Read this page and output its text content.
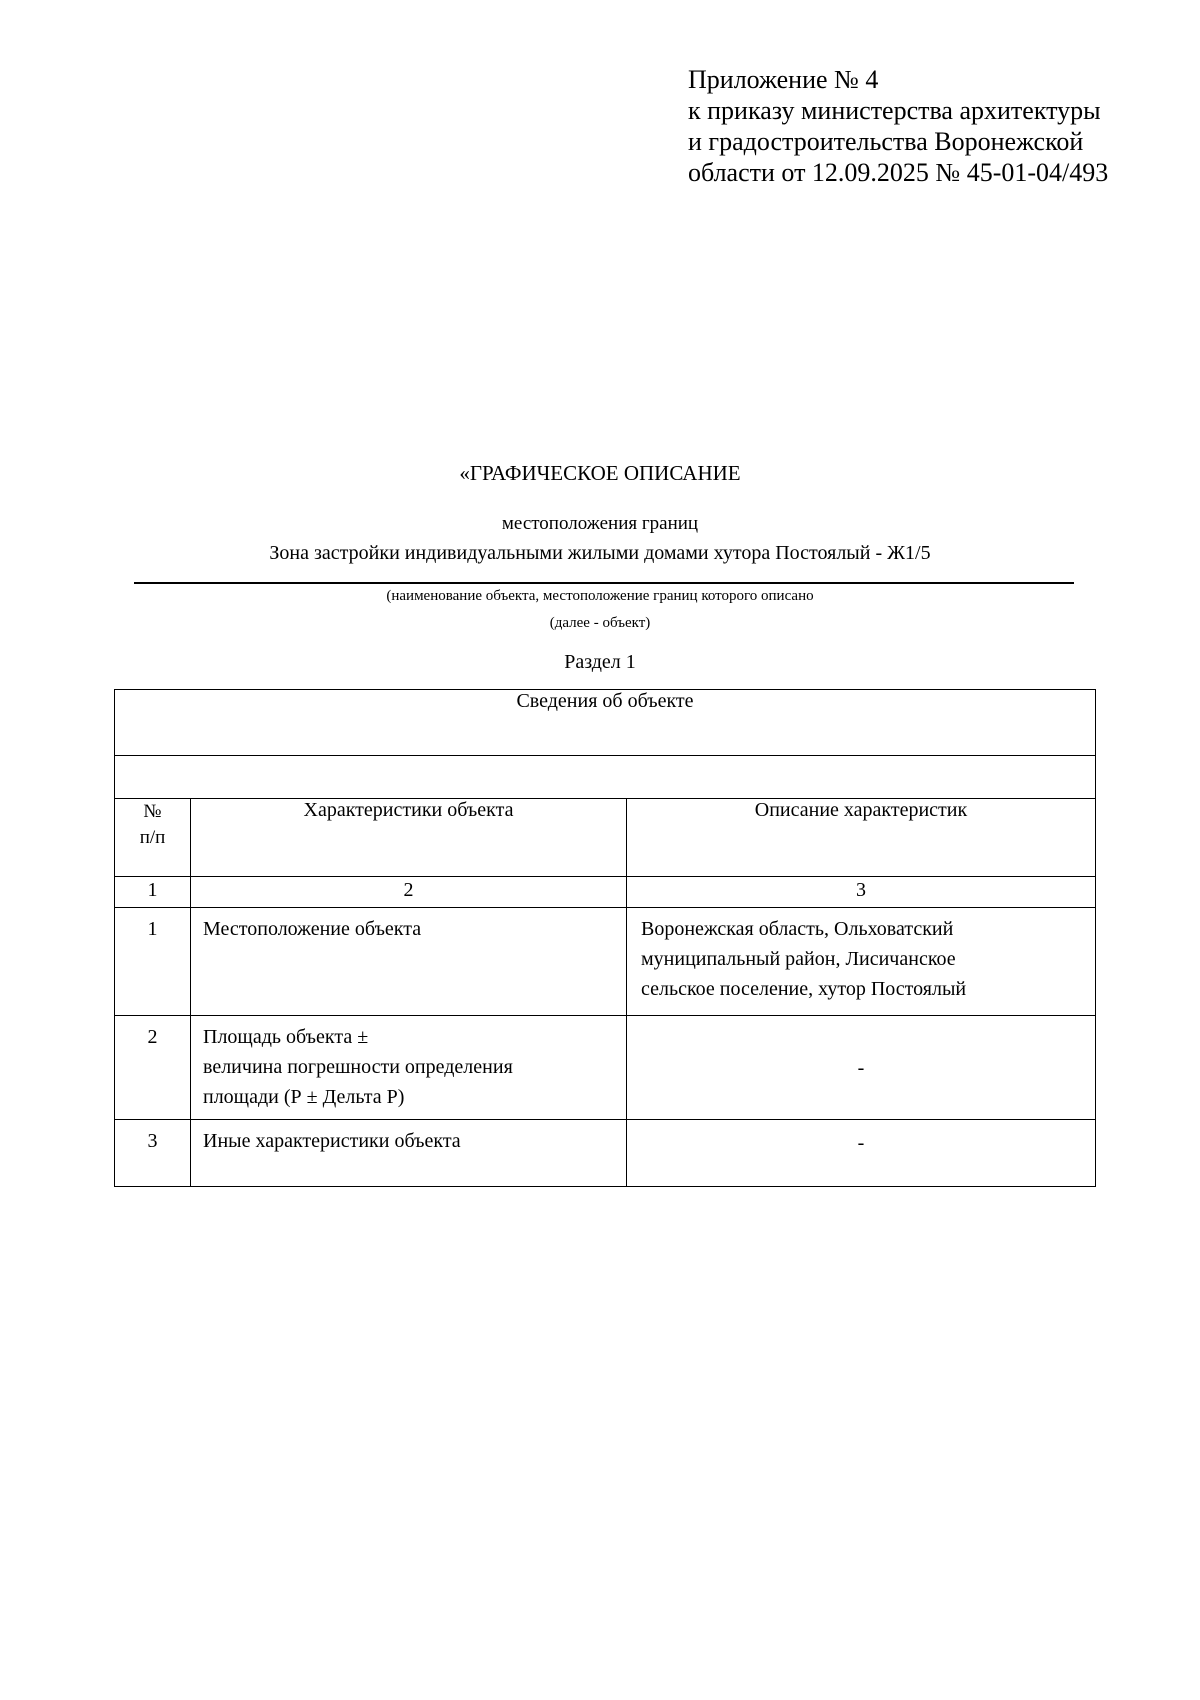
Приложение № 4
к приказу министерства архитектуры
и градостроительства Воронежской
области от 12.09.2025 № 45-01-04/493
«ГРАФИЧЕСКОЕ ОПИСАНИЕ
местоположения границ
Зона застройки индивидуальными жилыми домами хутора Постоялый - Ж1/5
(наименование объекта, местоположение границ которого описано
(далее - объект)
Раздел 1
Сведения об объекте		

№
п/п	Характеристики объекта	Описание характеристик
1	2	3
1	Местоположение объекта	Воронежская область, Ольховатский
муниципальный район, Лисичанское
сельское поселение, хутор Постоялый

2	Площадь объекта ±
величина погрешности определения
площади (Р ± Дельта Р)	-
3	Иные характеристики объекта	-
